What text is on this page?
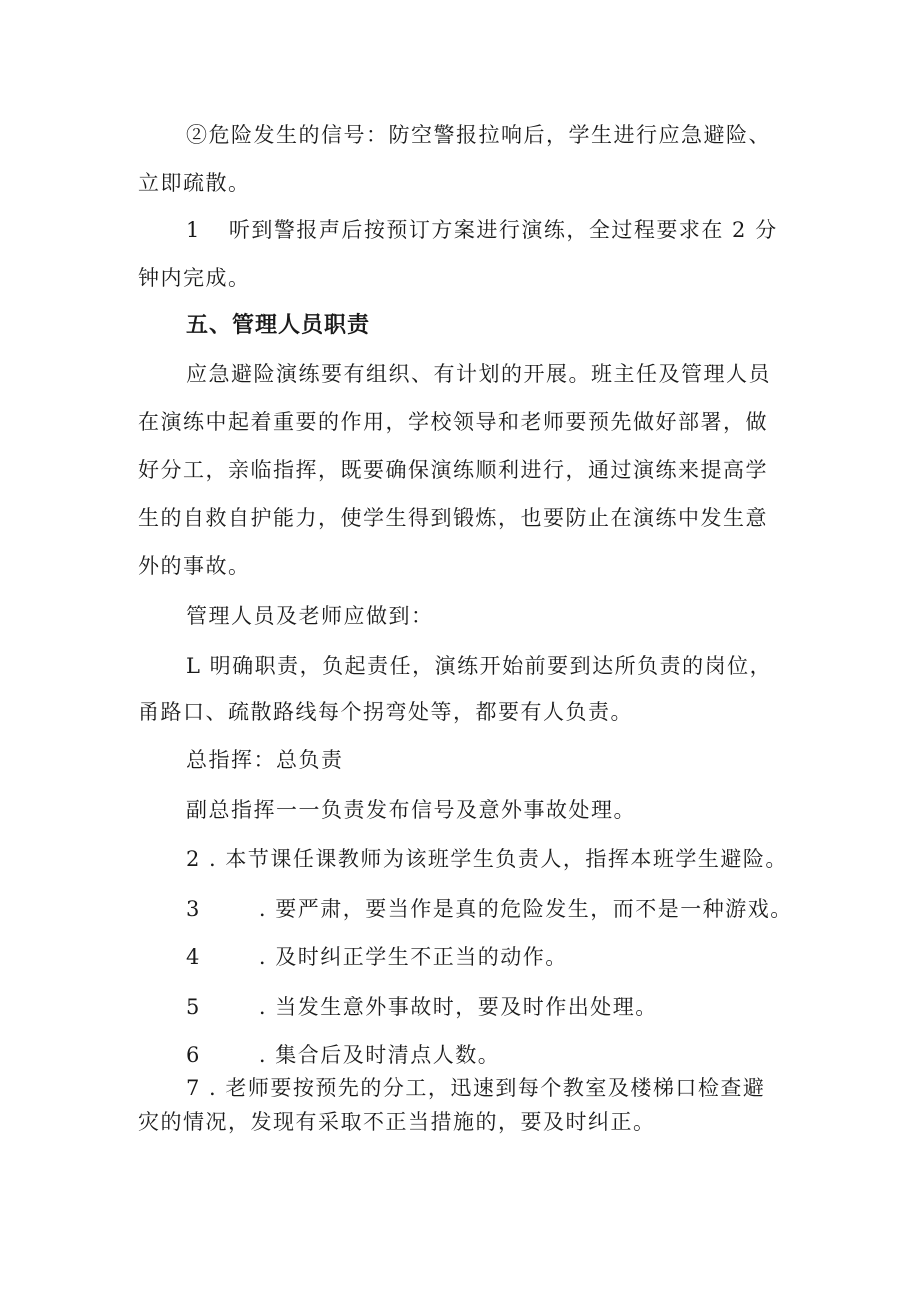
②危险发生的信号：防空警报拉响后，学生进行应急避险、
立即疏散。
1 听到警报声后按预订方案进行演练，全过程要求在 2 分
钟内完成。
五、管理人员职责
应急避险演练要有组织、有计划的开展。班主任及管理人员
在演练中起着重要的作用，学校领导和老师要预先做好部署，做
好分工，亲临指挥，既要确保演练顺利进行，通过演练来提高学
生的自救自护能力，使学生得到锻炼，也要防止在演练中发生意
外的事故。
管理人员及老师应做到：
L 明确职责，负起责任，演练开始前要到达所负责的岗位，
甬路口、疏散路线每个拐弯处等，都要有人负责。
总指挥：总负责
副总指挥一一负责发布信号及意外事故处理。
2 . 本节课任课教师为该班学生负责人，指挥本班学生避险。
3	. 要严肃，要当作是真的危险发生，而不是一种游戏。
4	. 及时纠正学生不正当的动作。
5	. 当发生意外事故时，要及时作出处理。
6	. 集合后及时清点人数。
7 . 老师要按预先的分工，迅速到每个教室及楼梯口检查避
灾的情况，发现有采取不正当措施的，要及时纠正。
